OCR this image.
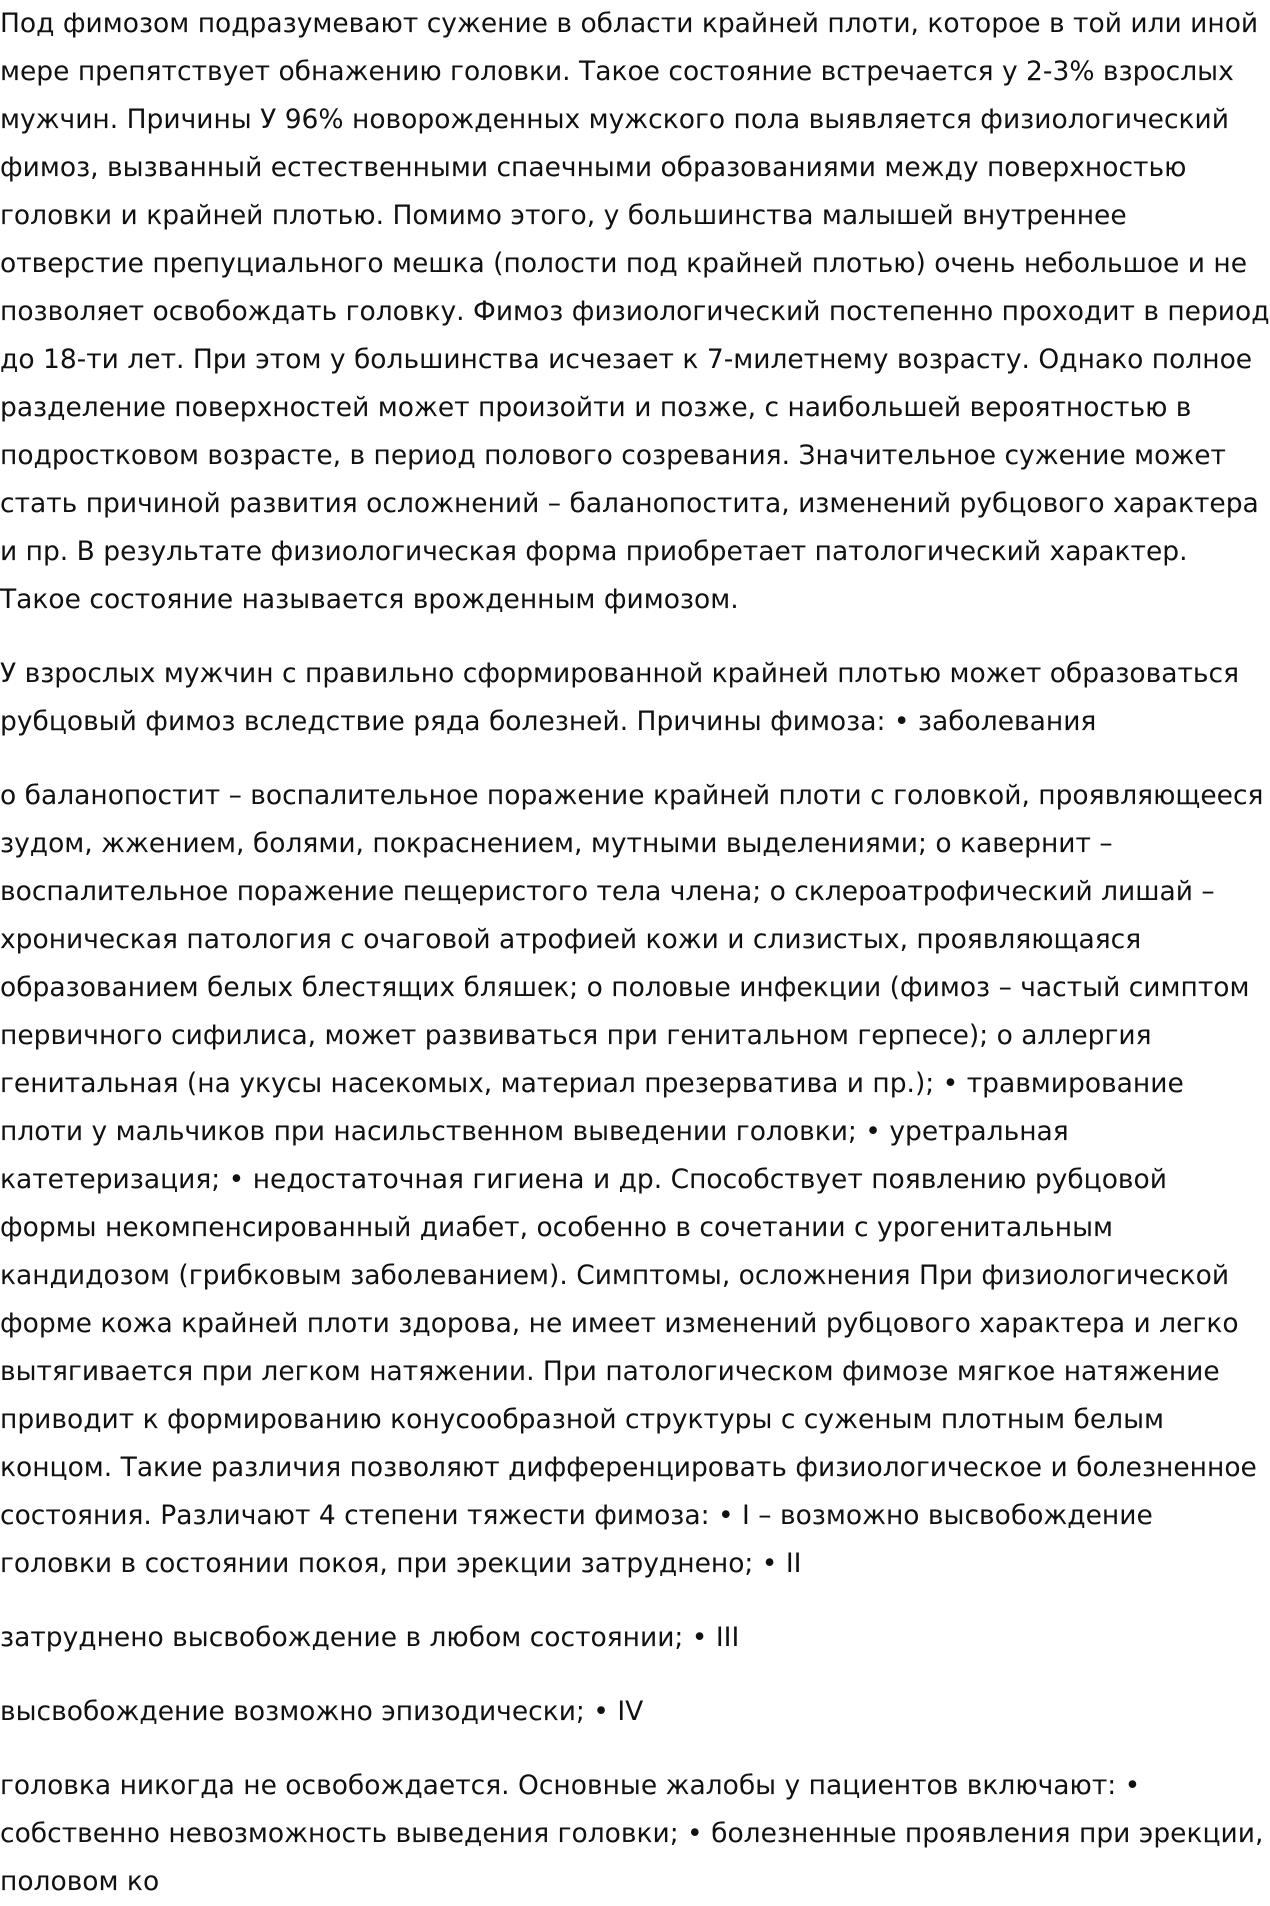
Под фимозом подразумевают сужение в области крайней плоти, которое в той или иной мере препятствует обнажению головки. Такое состояние встречается у 2-3% взрослых мужчин. Причины У 96% новорожденных мужского пола выявляется физиологический фимоз, вызванный естественными спаечными образованиями между поверхностью головки и крайней плотью. Помимо этого, у большинства малышей внутреннее отверстие препуциального мешка (полости под крайней плотью) очень небольшое и не позволяет освобождать головку. Фимоз физиологический постепенно проходит в период до 18-ти лет. При этом у большинства исчезает к 7-милетнему возрасту. Однако полное разделение поверхностей может произойти и позже, с наибольшей вероятностью в подростковом возрасте, в период полового созревания. Значительное сужение может стать причиной развития осложнений – баланопостита, изменений рубцового характера и пр. В результате физиологическая форма приобретает патологический характер. Такое состояние называется врожденным фимозом.

У взрослых мужчин с правильно сформированной крайней плотью может образоваться рубцовый фимоз вследствие ряда болезней. Причины фимоза: • заболевания

о баланопостит – воспалительное поражение крайней плоти с головкой, проявляющееся зудом, жжением, болями, покраснением, мутными выделениями; о кавернит – воспалительное поражение пещеристого тела члена; о склероатрофический лишай – хроническая патология с очаговой атрофией кожи и слизистых, проявляющаяся образованием белых блестящих бляшек; о половые инфекции (фимоз – частый симптом первичного сифилиса, может развиваться при генитальном герпесе); о аллергия генитальная (на укусы насекомых, материал презерватива и пр.); • травмирование плоти у мальчиков при насильственном выведении головки; • уретральная катетеризация; • недостаточная гигиена и др. Способствует появлению рубцовой формы некомпенсированный диабет, особенно в сочетании с урогенитальным кандидозом (грибковым заболеванием). Симптомы, осложнения При физиологической форме кожа крайней плоти здорова, не имеет изменений рубцового характера и легко вытягивается при легком натяжении. При патологическом фимозе мягкое натяжение приводит к формированию конусообразной структуры с суженым плотным белым концом. Такие различия позволяют дифференцировать физиологическое и болезненное состояния. Различают 4 степени тяжести фимоза: • I – возможно высвобождение головки в состоянии покоя, при эрекции затруднено; • II

затруднено высвобождение в любом состоянии; • III

высвобождение возможно эпизодически; • IV

головка никогда не освобождается. Основные жалобы у пациентов включают: • собственно невозможность выведения головки; • болезненные проявления при эрекции, половом ко
